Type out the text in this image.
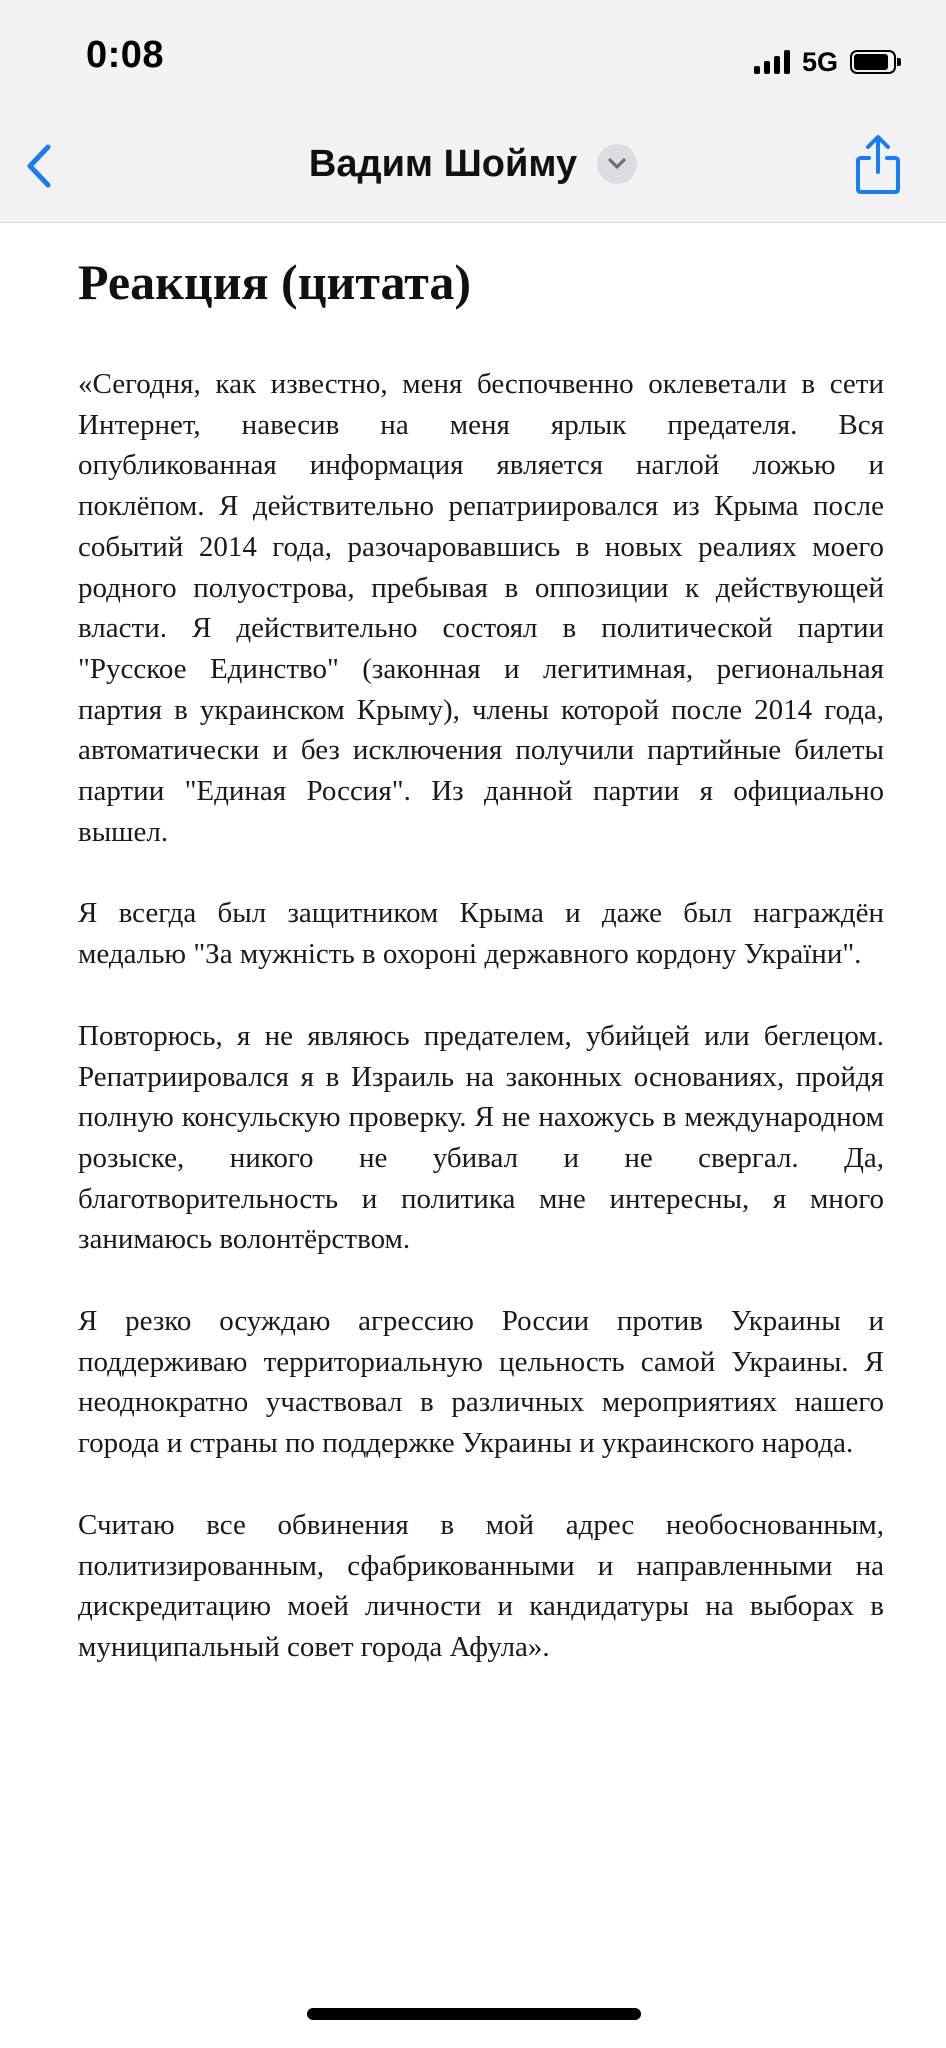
0:08	5G
Вадим Шойму
Реакция (цитата)

«Сегодня, как известно, меня беспочвенно оклеветали в сети Интернет, навесив на меня ярлык предателя. Вся опубликованная информация является наглой ложью и поклёпом. Я действительно репатриировался из Крыма после событий 2014 года, разочаровавшись в новых реалиях моего родного полуострова, пребывая в оппозиции к действующей власти. Я действительно состоял в политической партии "Русское Единство" (законная и легитимная, региональная партия в украинском Крыму), члены которой после 2014 года, автоматически и без исключения получили партийные билеты партии "Единая Россия". Из данной партии я официально вышел.

Я всегда был защитником Крыма и даже был награждён медалью "За мужність в охороні державного кордону України".

Повторюсь, я не являюсь предателем, убийцей или беглецом. Репатриировался я в Израиль на законных основаниях, пройдя полную консульскую проверку. Я не нахожусь в международном розыске, никого не убивал и не свергал. Да, благотворительность и политика мне интересны, я много занимаюсь волонтёрством.

Я резко осуждаю агрессию России против Украины и поддерживаю территориальную цельность самой Украины. Я неоднократно участвовал в различных мероприятиях нашего города и страны по поддержке Украины и украинского народа.

Считаю все обвинения в мой адрес необоснованным, политизированным, сфабрикованными и направленными на дискредитацию моей личности и кандидатуры на выборах в муниципальный совет города Афула».
